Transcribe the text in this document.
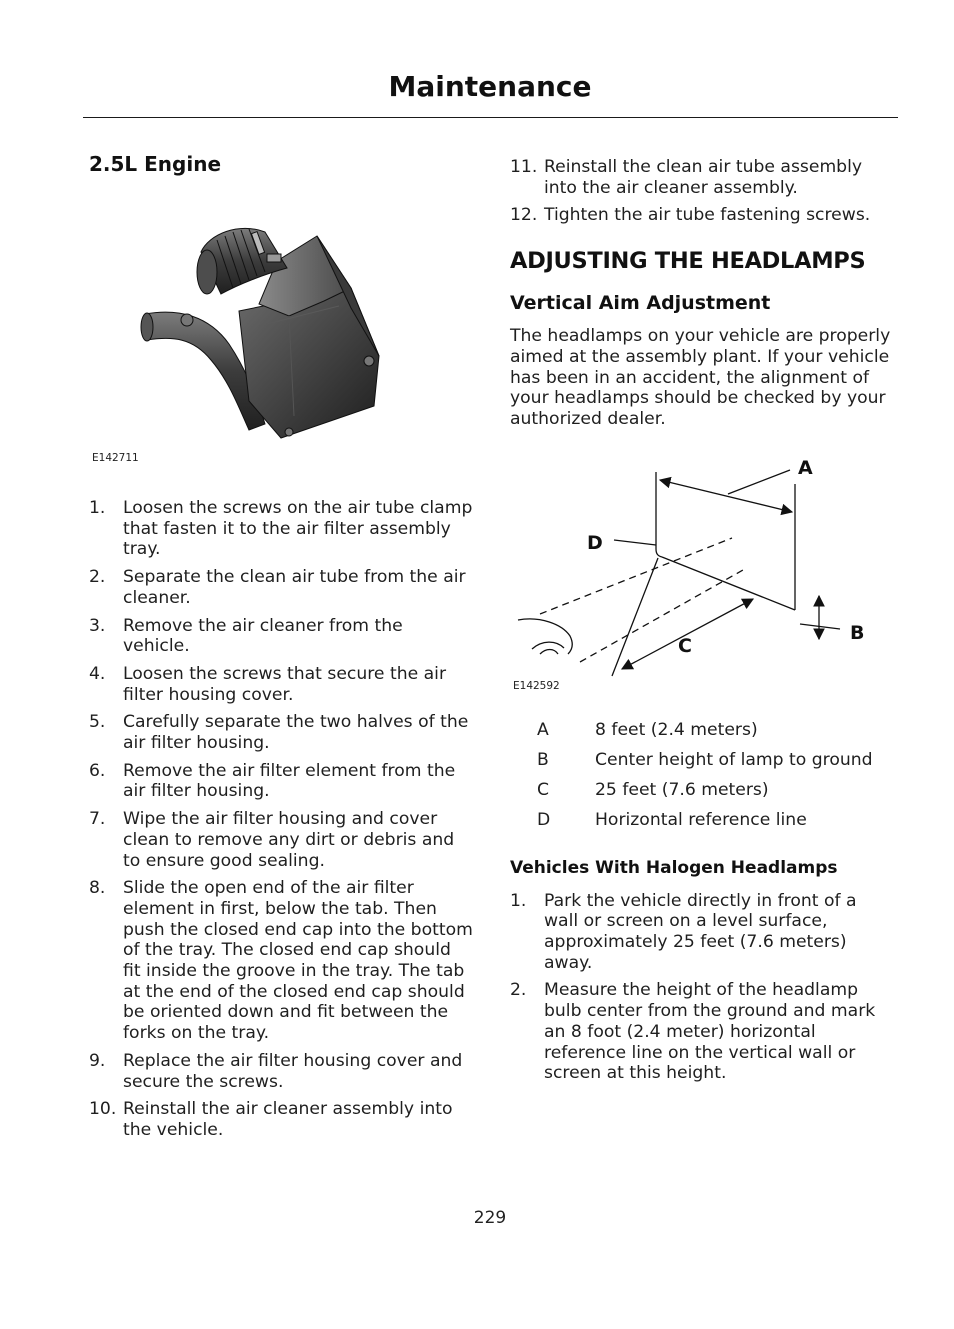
Maintenance
2.5L Engine
E142711
1. Loosen the screws on the air tube clamp that fasten it to the air filter assembly tray.
2. Separate the clean air tube from the air cleaner.
3. Remove the air cleaner from the vehicle.
4. Loosen the screws that secure the air filter housing cover.
5. Carefully separate the two halves of the air filter housing.
6. Remove the air filter element from the air filter housing.
7. Wipe the air filter housing and cover clean to remove any dirt or debris and to ensure good sealing.
8. Slide the open end of the air filter element in first, below the tab. Then push the closed end cap into the bottom of the tray. The closed end cap should fit inside the groove in the tray. The tab at the end of the closed end cap should be oriented down and fit between the forks on the tray.
9. Replace the air filter housing cover and secure the screws.
10. Reinstall the air cleaner assembly into the vehicle.
11. Reinstall the clean air tube assembly into the air cleaner assembly.
12. Tighten the air tube fastening screws.
ADJUSTING THE HEADLAMPS
Vertical Aim Adjustment

The headlamps on your vehicle are properly aimed at the assembly plant. If your vehicle has been in an accident, the alignment of your headlamps should be checked by your authorized dealer.

A
D
B
C
E142592
A	8 feet (2.4 meters)
B	Center height of lamp to ground
C	25 feet (7.6 meters)
D	Horizontal reference line
Vehicles With Halogen Headlamps
1. Park the vehicle directly in front of a wall or screen on a level surface, approximately 25 feet (7.6 meters) away.
2. Measure the height of the headlamp bulb center from the ground and mark an 8 foot (2.4 meter) horizontal reference line on the vertical wall or screen at this height.
229
